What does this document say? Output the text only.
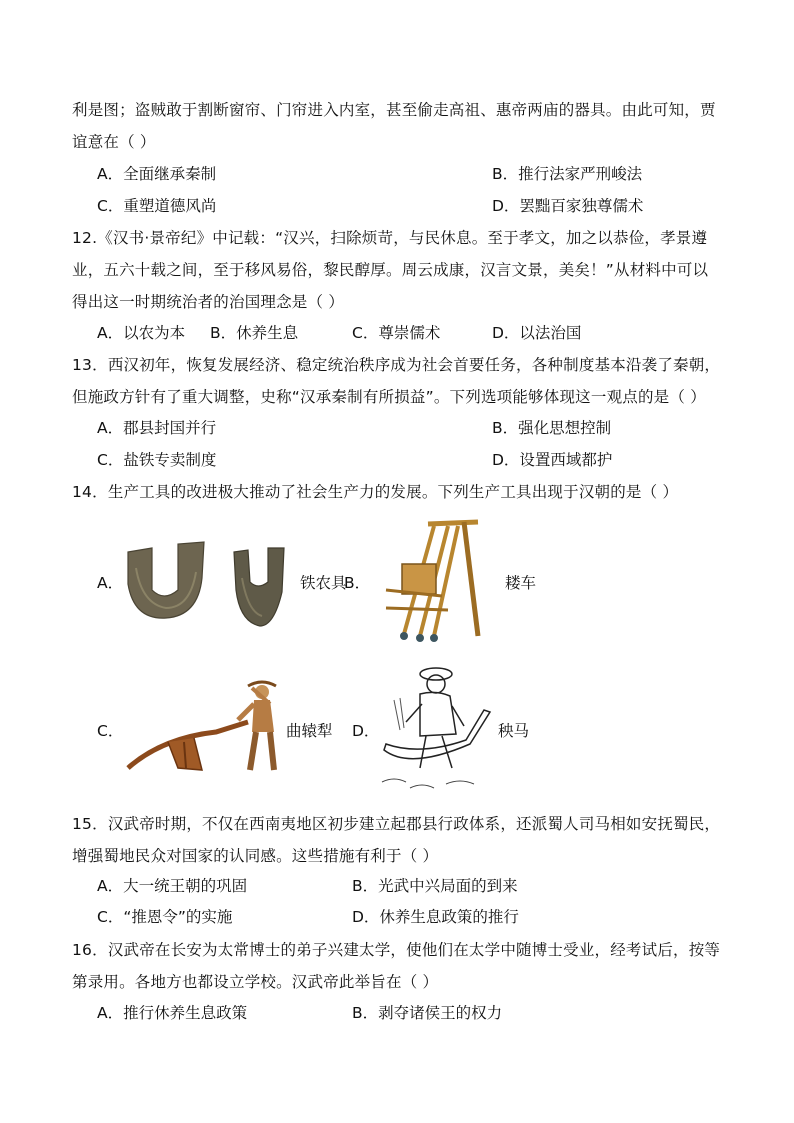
利是图；盗贼敢于割断窗帘、门帘进入内室，甚至偷走高祖、惠帝两庙的器具。由此可知，贾
谊意在（ ）
A．全面继承秦制	B．推行法家严刑峻法
C．重塑道德风尚	D．罢黜百家独尊儒术
12.《汉书·景帝纪》中记载：“汉兴，扫除烦苛，与民休息。至于孝文，加之以恭俭，孝景遵
业，五六十载之间，至于移风易俗，黎民醇厚。周云成康，汉言文景，美矣！”从材料中可以
得出这一时期统治者的治国理念是（ ）
A．以农为本 B．休养生息	C．尊崇儒术	D．以法治国
13．西汉初年，恢复发展经济、稳定统治秩序成为社会首要任务，各种制度基本沿袭了秦朝，
但施政方针有了重大调整，史称“汉承秦制有所损益”。下列选项能够体现这一观点的是（ ）
A．郡县封国并行	B．强化思想控制
C．盐铁专卖制度	D．设置西域都护
14．生产工具的改进极大推动了社会生产力的发展。下列生产工具出现于汉朝的是（ ）
A．	铁农具
B．	耧车
C．	曲辕犁 D．	秧马
15．汉武帝时期，不仅在西南夷地区初步建立起郡县行政体系，还派蜀人司马相如安抚蜀民，
增强蜀地民众对国家的认同感。这些措施有利于（ ）
A．大一统王朝的巩固	B．光武中兴局面的到来
C．“推恩令”的实施	D．休养生息政策的推行
16．汉武帝在长安为太常博士的弟子兴建太学，使他们在太学中随博士受业，经考试后，按等
第录用。各地方也都设立学校。汉武帝此举旨在（ ）
A．推行休养生息政策	B．剥夺诸侯王的权力
